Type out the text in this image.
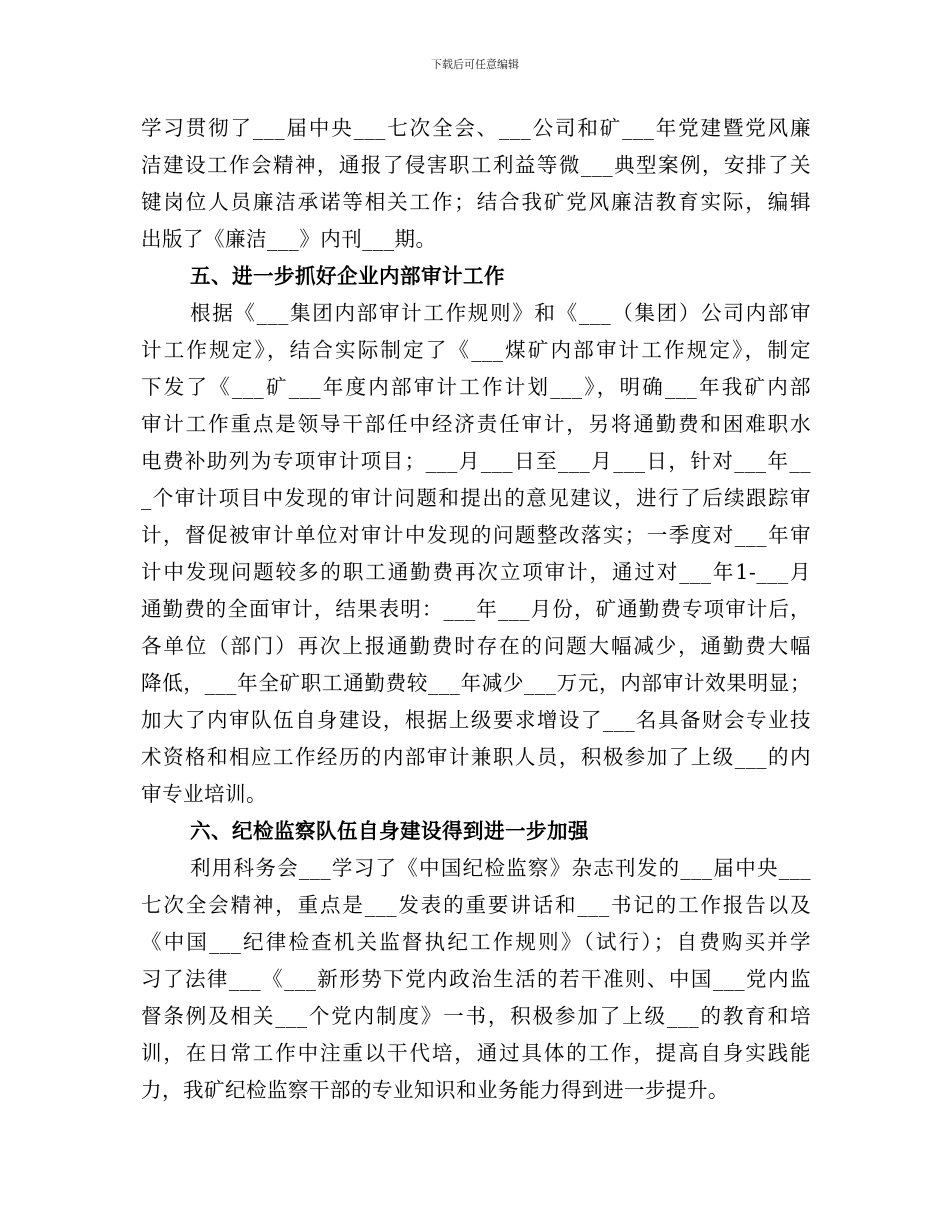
下载后可任意编辑
学习贯彻了___届中央___七次全会、___公司和矿___年党建暨党风廉
洁建设工作会精神，通报了侵害职工利益等微___典型案例，安排了关
键岗位人员廉洁承诺等相关工作；结合我矿党风廉洁教育实际，编辑
出版了《廉洁___》内刊___期。
五、进一步抓好企业内部审计工作
根据《___集团内部审计工作规则》和《___（集团）公司内部审
计工作规定》，结合实际制定了《___煤矿内部审计工作规定》，制定
下发了《___矿___年度内部审计工作计划___》，明确___年我矿内部
审计工作重点是领导干部任中经济责任审计，另将通勤费和困难职水
电费补助列为专项审计项目；___月___日至___月___日，针对___年__
_个审计项目中发现的审计问题和提出的意见建议，进行了后续跟踪审
计，督促被审计单位对审计中发现的问题整改落实；一季度对___年审
计中发现问题较多的职工通勤费再次立项审计，通过对___年1-___月
通勤费的全面审计，结果表明：___年___月份，矿通勤费专项审计后，
各单位（部门）再次上报通勤费时存在的问题大幅减少，通勤费大幅
降低，___年全矿职工通勤费较___年减少___万元，内部审计效果明显；
加大了内审队伍自身建设，根据上级要求增设了___名具备财会专业技
术资格和相应工作经历的内部审计兼职人员，积极参加了上级___的内
审专业培训。
六、纪检监察队伍自身建设得到进一步加强
利用科务会___学习了《中国纪检监察》杂志刊发的___届中央___
七次全会精神，重点是___发表的重要讲话和___书记的工作报告以及
《中国___纪律检查机关监督执纪工作规则》（试行）；自费购买并学
习了法律___《___新形势下党内政治生活的若干准则、中国___党内监
督条例及相关___个党内制度》一书，积极参加了上级___的教育和培
训，在日常工作中注重以干代培，通过具体的工作，提高自身实践能
力，我矿纪检监察干部的专业知识和业务能力得到进一步提升。
